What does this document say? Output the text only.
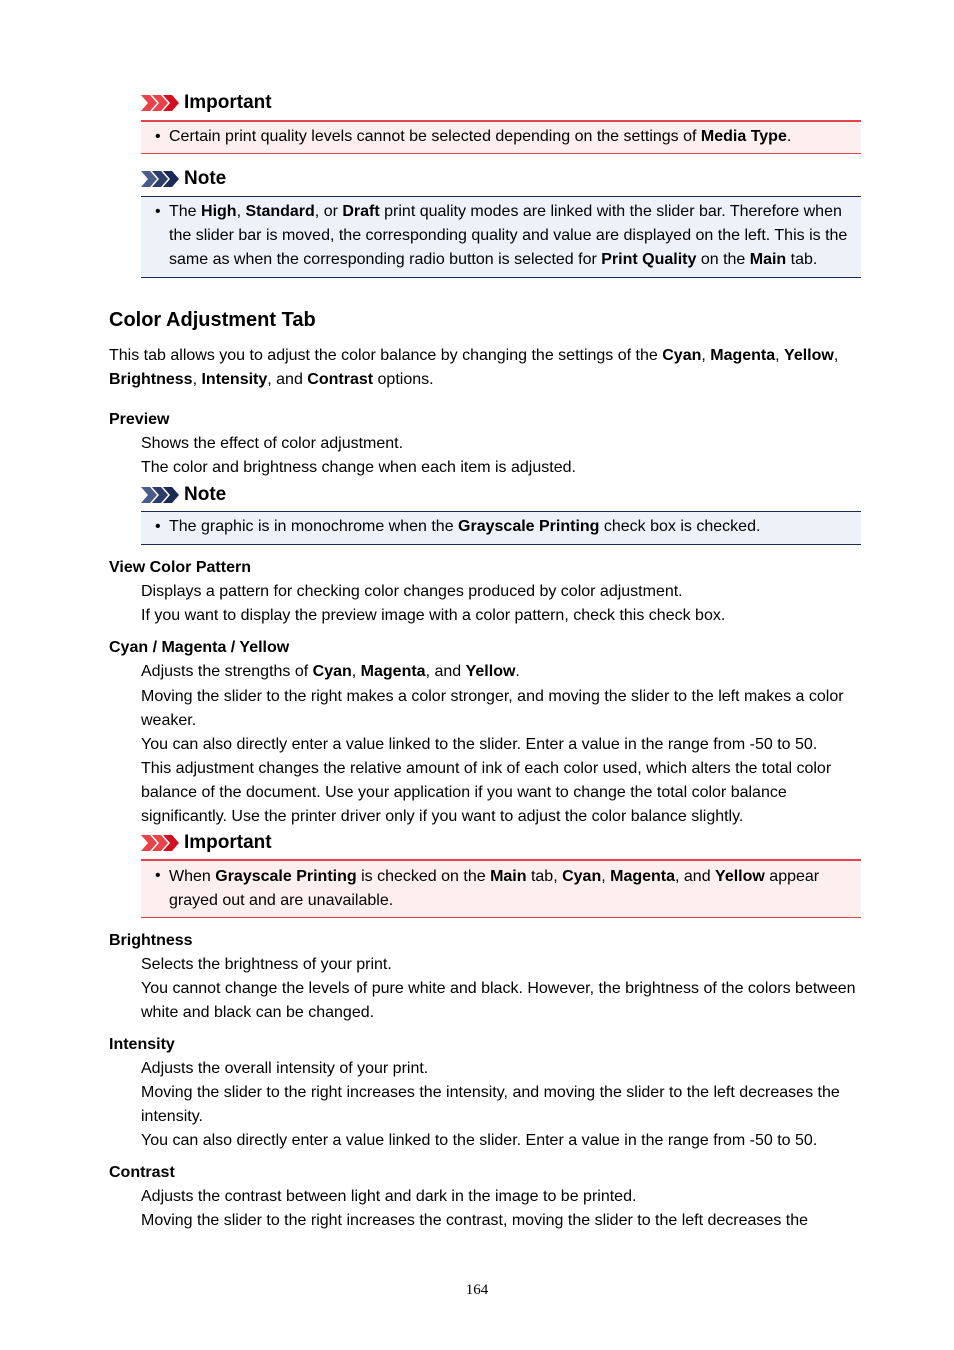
Important
• Certain print quality levels cannot be selected depending on the settings of Media Type.
Note
• The High, Standard, or Draft print quality modes are linked with the slider bar. Therefore when
the slider bar is moved, the corresponding quality and value are displayed on the left. This is the
same as when the corresponding radio button is selected for Print Quality on the Main tab.
Color Adjustment Tab
This tab allows you to adjust the color balance by changing the settings of the Cyan, Magenta, Yellow,
Brightness, Intensity, and Contrast options.
Preview
Shows the effect of color adjustment.
The color and brightness change when each item is adjusted.
Note
• The graphic is in monochrome when the Grayscale Printing check box is checked.
View Color Pattern
Displays a pattern for checking color changes produced by color adjustment.
If you want to display the preview image with a color pattern, check this check box.
Cyan / Magenta / Yellow
Adjusts the strengths of Cyan, Magenta, and Yellow.
Moving the slider to the right makes a color stronger, and moving the slider to the left makes a color
weaker.
You can also directly enter a value linked to the slider. Enter a value in the range from -50 to 50.
This adjustment changes the relative amount of ink of each color used, which alters the total color
balance of the document. Use your application if you want to change the total color balance
significantly. Use the printer driver only if you want to adjust the color balance slightly.
Important
• When Grayscale Printing is checked on the Main tab, Cyan, Magenta, and Yellow appear
grayed out and are unavailable.
Brightness
Selects the brightness of your print.
You cannot change the levels of pure white and black. However, the brightness of the colors between
white and black can be changed.
Intensity
Adjusts the overall intensity of your print.
Moving the slider to the right increases the intensity, and moving the slider to the left decreases the
intensity.
You can also directly enter a value linked to the slider. Enter a value in the range from -50 to 50.
Contrast
Adjusts the contrast between light and dark in the image to be printed.
Moving the slider to the right increases the contrast, moving the slider to the left decreases the
164
